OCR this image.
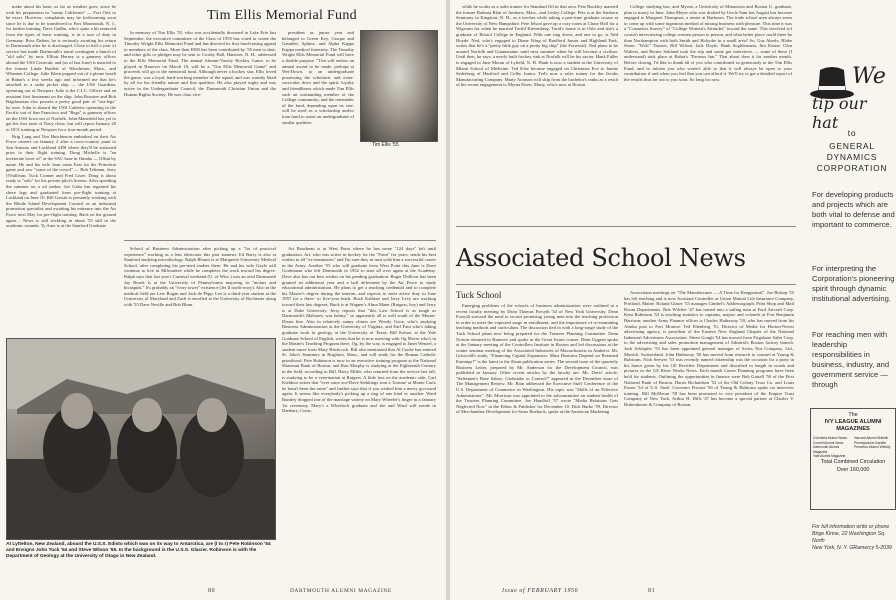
make about his basic as far as weather goes, since he took his preparation in "sunny California" — Fort Ord, to be exact. However, complaints may be forthcoming soon since he is due to be transferred to Fort Monmouth, N. J., for further training. Dave Gadlin, who's quite a bit removed from the types of basic training, is in a tour of duty in Germany. Ross Dalton, he is seriously awaiting his return to Dartmouth after he is discharged. Close to half a year of service has made Dartmouth's naval contingent a bunch of "old salts" by now. Elliott Hersey is a gunnery officer aboard the USS Conecuh, and (as of last June) is married to the former Linda Bartlett of Winchester, Mass., and Wheaton College. Julie Klein popped out of a phone booth at Rahar's a few weeks ago and informed me that he's attached to a radar picket ship — the USS Guardian, operating out of Newport. Julie is the C.I.C. Officer and an assistant first lieutenant on the ship. John Rossiter and Bob Bagdasarian also possess a pretty good pair of "sea-legs" by now. John is aboard the USS Catlerite operating in the Pacific out of San Francisco and "Bags" is gunnery officer on the USS Iowa out of Norfolk. John Mansfield has yet to get his first taste of Navy chow, but will report January 20 to OCS training at Newport for a four-month period.

Brig Lang and Tim Hutchinson embarked on their Air Force careers on January 2 after a cross-country jaunt to San Antonio and Lackland AFB where they'll be stationed prior to their flight training. Doug Michelle is "an inveterate lover of" at the SAC base in Omaha — Offutt by name. He and his wife Joan came East for the Princeton game and saw "some of the crowd" — Bob Teltman, Jerry O'Sullivan, Tuck Cromer and Fred Lisee. Doug is about ready to "solo" for his private pilot's license. After spending the summer on a oil tanker, Joe Gaba has regained his shore legs and graduated from pre-flight training at Lackland on June 10. Bill Gassitt is presently working with the Rhode Island Development Council as an industrial promotion specialist and awaiting his entrance into the Air Force next May for pre-flight training. Back on the ground again… News is still trickling in about '55 still in the academic rotunda. Ty Auer is at the Stanford Graduate

Tim Ellis Memorial Fund

In memory of Tim Ellis '55, who was accidentally drowned in Lake Erie last September, the executive committee of the Class of 1955 has voted to create the Timothy Wright Ellis Memorial Fund and has directed its first fund-raising appeal to members of the class. More than $500 has been contributed by '55 men to date, and other gifts or pledges may be sent to Crosby Hall, Hanover, N. H., addressed to the Ellis Memorial Fund. The annual Alumni-Varsity Hockey Game, to be played in Hanover on March 10, will be a "Tim Ellis Memorial Game" and proceeds will go to the memorial fund. Although never a hockey star, Ellis loved the game, was a loyal, hard-working member of the squad, and was warmly liked by all for his friendly nature and fine qualities. He also played rugby and was active in the Undergraduate Council, the Dartmouth Christian Union and the Human Rights Society. He was class vice-

president as junior year and belonged to Green Key, Casque and Gauntlet, Sphinx, and Alpha Kappa Kappa medical fraternity. The Timothy Wright Ellis Memorial Fund will have a double purpose. "Tim will endow an annual award to be made, perhaps at Wet-Down, to an undergraduate possessing the scholastic and extra-curricular drive and the spirit, loyalty and friendliness which made Tim Ellis such an outstanding member of the College community; and the remainder of the fund, depending upon its size, will be used as a scholarship and/or loan fund to assist an undergraduate of similar qualities.

Tim Ellis '55

School of Business Administration after picking up a "lot of practical experience" working as a lens fabricator this past summer. Ed Barry is also at Stanford studying microbiology. Ralph Blount is at Marquette University Medical School, after completing his pre-med studies there. He and his wife Gayle will continue to live in Milwaukee while he completes the work toward his degree. Ralph says that last year's Carnival weekend (U. of Wisc.) was an avid Dartmouth Jay Brook is at the University of Pennsylvania majoring in "molars and bicuspids." It's probably an "ivory tower" existence (Jet II tooth-ivory). Also in the medical field are Lew Rogan and Jack de Pepp. Lee is a third-year student at the University of Maryland and Zach is enrolled at the University of Rochester along with '55 Dave Neville and Bob Blum.

Art Boudreau is at West Point where he has some "124 days" left until graduation. Art, who was active in hockey for the "Point" for years, sends his best wishes to all "ex-teammates" and I'm sure they in turn wish him a successful career in the Army. Another '55 who will graduate from West Point this June is Dave Gordennan who left Dartmouth in 1952 to start all over again at the Academy. Dave also has our best wishes on his pending graduation. Roger Dollivar has been granted an additional year and a half deferment by the Air Force to study educational administration. He plans to get a teaching credential and to complete his Master's degree during the interim, and expects to enter active duty in June 1957 for a three- to five-year hitch. Buck Kallmer and Jerry Levy are working toward their law degrees. Buck is at Wagner's Alma Mater (Rutgers, boy) and Jerry is at Duke University. Jerry reports that "this Law School is as tough as Dartmouth's Mahoney was balmy," so apparently all is well south of the Mason-Dixon line. Also in relatively sunny climes are Woody Gooe, who's studying Business Administration at the University of Virginia, and Earl Fain who's taking graduate work in geology at the University of Texas. Bill Kehoe, at the Yale Graduate School of English, writes that he is now mowing with Og Morse who's in the Master's Teaching Program there. Og, by the way, is engaged to Janet Wenzel, a student nurse from Mary Hitchcock. Bill also mentioned that Al Cooke has entered St. John's Seminary in Brighton, Mass., and will study for the Roman Catholic priesthood. Pete Robinson is now in an executive training program at the National Shawmut Bank of Boston, and Ron Murphy is studying at the Eighteenth Century in the field, according to Bill. Harry Miller, who returned from the service last fall, is studying to be a veterinarian at Rutgers. A little less on the academic side, Carl Kiehhon writes that "ever since ace-Dave Stebbings won a 'fortune' at Monte Carlo he hasn't been the same" and further says that if you wished him a merry go-round again. It seems like everybody's picking up a ring of one kind or another. Ward Rumley dropped one of the marriage variety on Mary Wheeler's finger in a January 1st ceremony. Mary's a Wheelock graduate and she and Ward will reside in Danbury, Conn.,

At Lyttelton, New Zealand, aboard the U.S.S. Edisto which was on its way to Antarctica, are (l to r) Pete Robinson '54 and Ensigns John Tuck '54 and Steve Wilson '55. In the background is the U.S.S. Glacier. Robinson is with the Department of Geology at the University of Otago in New Zealand.
80	DARTMOUTH ALUMNI MAGAZINE

while he works as a sales trainee for Standard Oil in that area. Pete Buckley married the former Barbara Blair of Amherst, Mass., and Lesley College. Pete is at the Sanborn Seminary in Kingston, N. H., as a teacher while taking a part-time graduate course at the University of New Hampshire. Pete Jelson gave up a cozy room at Chase Hall for a Wigwam for when he married Turild Kievenberg. Turid's home is in Oslo and she's a graduate of Bristol College in England. With one ring down, and one to go, is Ned Hoyde. Ned, who's engaged to Diane Wing of Bradford Junior and Highland Park, writes that he's a "pretty little guy on a pretty big ship" (the Forrestal). Ned plans to be around Norfolk and Guantanamo until next summer when he will become a civilian. Until then, he says, a newly built hockey rink at Norfolk will be his savior. Hank Fuller is engaged to June Moran of Lyfield, N. H. Hank is now a student at the University of Miami School of Medicine. Ted Klee became engaged on Christmas Eve to Janine Sederberg of Hartford and Colby Junior. Ted's now a sales trainer for the Jacobs Manufacturing Company. Marty Aronson will ship from the bachelor's ranks as a result of his recent engagement to Myrna Eisen. Marty, who's now at Boston

College studying law, and Myrna, a University of Minnesota and Boston U. graduate, plan to marry in June. John Meyer who was drafted by Uncle Sam has August has become engaged to Margaret Thompson, a senior at Barbours. The trade school men always seem to come up with some ingenious method of mixing business with pleasure. This time it was a "Cosmetics Survey" of "College Women's Attitudes" toward the same. This involved (of course) interviewing college women person to person, and what better place could there be than Northampton with both Smith and Holyoke in a small area? So, Gus Aberle, Blake Stone, "Wolf" Thaxter, Bill Wilson, Jack Doyle, Hank Soghikmann, Jim Keane, Glen Walters, and Bernie Sokland took the trip and some got interviews — some of these (I understand) took place at Rahar's "Famous Inn." That about does it for another month. Before closing, I'd like to thank all of you who contributed so generously to the Tim Ellis Fund, and to inform you who weren't able to that it will always be open to your contribution if and when you feel that you can afford it. We'll try to get a detailed report of the results thus far out to you soon. So long for now.

Associated School News
Tuck School

Emerging problems of the schools of business administration were outlined at a recent faculty meeting by Dean Thomas Forsyth '54 of New York University. Dean Forsyth stressed the need to recruit promising young men into the teaching profession in order to meet the expected surge in enrollment, and the importance of re-examining teaching methods and curriculum. The discussion tied in with a long-range study of the Tuck School plans now being prepared for the Trustees Planning Committee. Dean Norton returned to Hanover and spoke in the Great Issues course. Dean Upgren spoke at the January meeting of the Controllers Institute in Boston and led discussions at the winter seminar meeting of the Associated Industries of Massachusetts in Amherst. Mr. Griswold's study, "Financing Capital Expansion: Must Business Depend on Retained Earnings?" is the latest in the Sloan publication series. The second issue of the quarterly Business Letter, prepared by Mr. Anderson for the Development Council, was published in January. Other recent articles by the faculty are: Mr. Davis' article, "Salesmen's Base Salary: Grubstake or Control?" appeared in the December issue of The Management Review. Mr. Bain addressed the Executive Staff Conference of the U.S. Department of Commerce in Washington. His topic was "Skills of an Effective Administrator". Mr. Morrison was appointed to the subcommittee on student health of the Trustees Planning Committee. Joe Handloff '57 wrote "Media Relations Gets Neglected Now" in the Editor & Publisher for December 10. Dick Burke '59, Director of Merchandise Development for Sears Roebuck, spoke at the American Marketing

Association meetings on "The Manufacturer — A Time for Reappraisal". Joe Bishop '55 has left teaching and is now Assistant Controller at Union Mutual Life Insurance Company, Portland, Maine. Roland Glaser '53 manages Gimbel's Addressograph, Print Shop and Mail Room Departments. Bob Wilcher '47 has turned into a sailing man at Ford Aircraft Corp. Kent Robinson '53 is teaching statistics to captains, majors and colonels at Fort Benjamin Harrison; another Army Finance officer is Charles Hathaway '50, who has moved from his Alaska post to Fort Monroe. Ted Eltenberg '51, Director of Media for Horton-Noves advertising agency, is president of the Eastern New England Chapter of the National Industrial Advertisers Association. Shern Gough '54 has moved from Frigidaire Sales Corp. to the advertising and sales promotion management of Admiral's Boston factory branch. Jack Schlapfer '53 has been appointed general manager of Swiss Nut Company, Ltd., Munich, Switzerland. John Hathaway '50 has moved from research to counsel at Young & Rubicam. Nick Seewer '53 was recently named citizenship was the occasion for a party in his honor given by his GE Rectifier Department and described in length in words and pictures in the GE River Works News. Each month Career Planning programs have been held for students. Outlining the opportunities in finance were Bob Gatrell '50 of the First National Bank of Boston, Harris Richardson '52 of the Old Colony Trust Co. and Louis Faxon '54 of U.S. Steel. Governor Prosser '56 of Young & Rubicam spoke on interview training. Bill McEleran '58 has been promoted to vice president of the Empire Trust Company of New York. Arthur H. Dills '47 has become a special partner at Charles V. Brittenhouse & Company of Boston.

Issue of FEBRUARY 1956	81
We
tip our hat
to
GENERAL DYNAMICS CORPORATION
For developing products and projects which are both vital to defense and important to commerce.
For interpreting the Corporation's pioneering spirit through dynamic institutional advertising.
For reaching men with leadership responsibilities in business, industry, and government service — through
The
IVY LEAGUE ALUMNI MAGAZINES
Columbia Alumni News
Cornell Alumni News
Dartmouth Alumni Magazine
Yale Alumni Magazine
Harvard Alumni Bulletin
Pennsylvania Gazette
Princeton Alumni Weekly
Total Combined Circulation
Over 160,000
For full information write or phone
Birge Kinne, 22 Washington Sq. North
New York, N. Y. GRamercy 5-2039
